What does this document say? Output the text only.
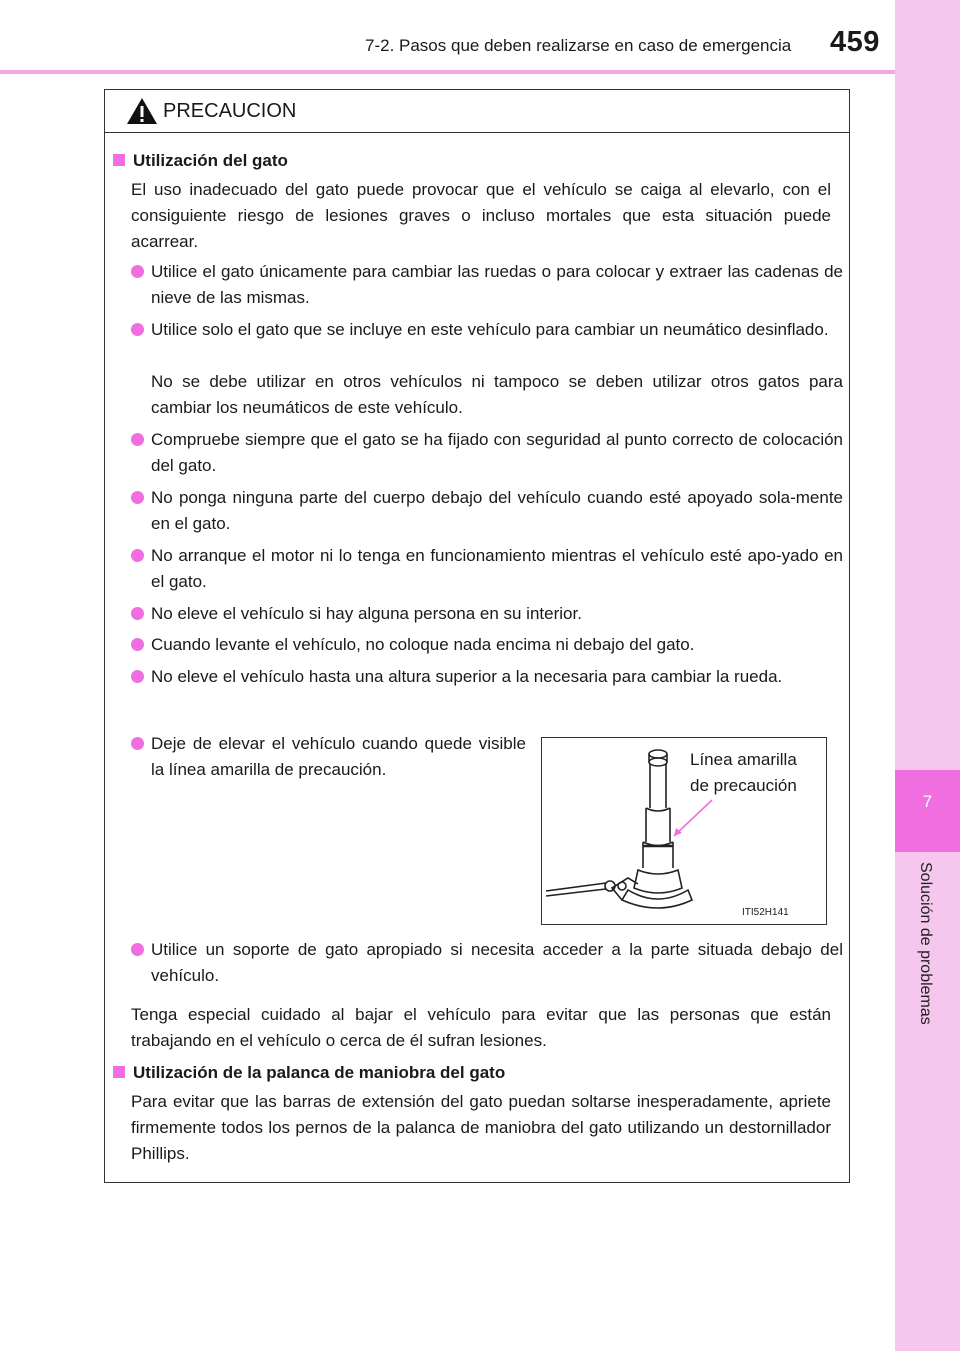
7-2. Pasos que deben realizarse en caso de emergencia 459
7
Solución de problemas
PRECAUCION
Utilización del gato
El uso inadecuado del gato puede provocar que el vehículo se caiga al elevarlo, con el consiguiente riesgo de lesiones graves o incluso mortales que esta situación puede acarrear.
Utilice el gato únicamente para cambiar las ruedas o para colocar y extraer las cadenas de nieve de las mismas.
Utilice solo el gato que se incluye en este vehículo para cambiar un neumático desinflado.
No se debe utilizar en otros vehículos ni tampoco se deben utilizar otros gatos para cambiar los neumáticos de este vehículo.
Compruebe siempre que el gato se ha fijado con seguridad al punto correcto de colocación del gato.
No ponga ninguna parte del cuerpo debajo del vehículo cuando esté apoyado sola-mente en el gato.
No arranque el motor ni lo tenga en funcionamiento mientras el vehículo esté apo-yado en el gato.
No eleve el vehículo si hay alguna persona en su interior.
Cuando levante el vehículo, no coloque nada encima ni debajo del gato.
No eleve el vehículo hasta una altura superior a la necesaria para cambiar la rueda.
Deje de elevar el vehículo cuando quede visible la línea amarilla de precaución.
Línea amarilla
de precaución
ITI52H141
Utilice un soporte de gato apropiado si necesita acceder a la parte situada debajo del vehículo.
Tenga especial cuidado al bajar el vehículo para evitar que las personas que están trabajando en el vehículo o cerca de él sufran lesiones.
Utilización de la palanca de maniobra del gato
Para evitar que las barras de extensión del gato puedan soltarse inesperadamente, apriete firmemente todos los pernos de la palanca de maniobra del gato utilizando un destornillador Phillips.
